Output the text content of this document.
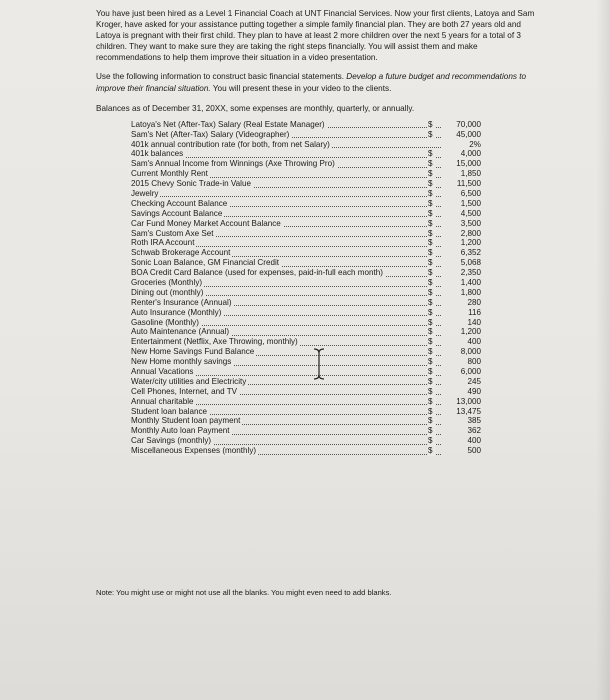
You have just been hired as a Level 1 Financial Coach at UNT Financial Services. Now your first clients, Latoya and Sam Kroger, have asked for your assistance putting together a simple family financial plan. They are both 27 years old and Latoya is pregnant with their first child. They plan to have at least 2 more children over the next 5 years for a total of 3 children. They want to make sure they are taking the right steps financially. You will assist them and make recommendations to help them improve their situation in a video presentation.

Use the following information to construct basic financial statements. Develop a future budget and recommendations to improve their financial situation. You will present these in your video to the clients.

Balances as of December 31, 20XX, some expenses are monthly, quarterly, or annually.

Latoya's Net (After-Tax) Salary (Real Estate Manager)	$	70,000
Sam's Net (After-Tax) Salary (Videographer)	$	45,000
401k annual contribution rate (for both, from net Salary)	2%
401k balances	$	4,000
Sam's Annual Income from Winnings (Axe Throwing Pro)	$	15,000
Current Monthly Rent	$	1,850
2015 Chevy Sonic Trade-in Value	$	11,500
Jewelry	$	6,500
Checking Account Balance	$	1,500
Savings Account Balance	$	4,500
Car Fund Money Market Account Balance	$	3,500
Sam's Custom Axe Set	$	2,800
Roth IRA Account	$	1,200
Schwab Brokerage Account	$	6,352
Sonic Loan Balance, GM Financial Credit	$	5,068
BOA Credit Card Balance (used for expenses, paid-in-full each month)	$	2,350
Groceries (Monthly)	$	1,400
Dining out (monthly)	$	1,800
Renter's Insurance (Annual)	$	280
Auto Insurance (Monthly)	$	116
Gasoline (Monthly)	$	140
Auto Maintenance (Annual)	$	1,200
Entertainment (Netflix, Axe Throwing, monthly)	$	400
New Home Savings Fund Balance	$	8,000
New Home monthly savings	$	800
Annual Vacations	$	6,000
Water/city utilities and Electricity	$	245
Cell Phones, Internet, and TV	$	490
Annual charitable	$	13,000
Student loan balance	$	13,475
Monthly Student loan payment	$	385
Monthly Auto loan Payment	$	362
Car Savings (monthly)	$	400
Miscellaneous Expenses (monthly)	$	500
Note: You might use or might not use all the blanks. You might even need to add blanks.
